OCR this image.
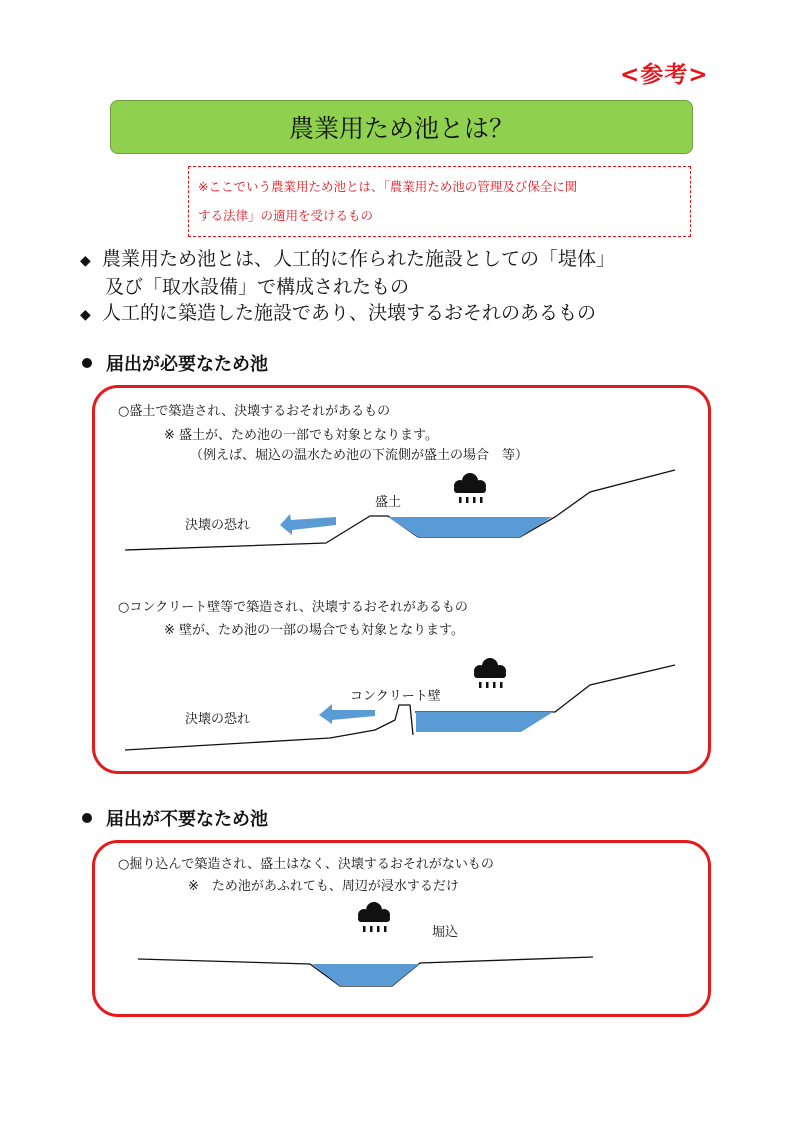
<参考>
農業用ため池とは？
※ここでいう農業用ため池とは、「農業用ため池の管理及び保全に関
する法律」の適用を受けるもの
◆ 農業用ため池とは、人工的に作られた施設としての「堤体」
及び「取水設備」で構成されたもの
◆ 人工的に築造した施設であり、決壊するおそれのあるもの
届出が必要なため池
○盛土で築造され、決壊するおそれがあるもの
※ 盛土が、ため池の一部でも対象となります。
（例えば、堀込の温水ため池の下流側が盛土の場合　等）
盛土
決壊の恐れ
○コンクリート壁等で築造され、決壊するおそれがあるもの
※ 壁が、ため池の一部の場合でも対象となります。
コンクリート壁
決壊の恐れ
届出が不要なため池
○掘り込んで築造され、盛土はなく、決壊するおそれがないもの
※　ため池があふれても、周辺が浸水するだけ
堀込
